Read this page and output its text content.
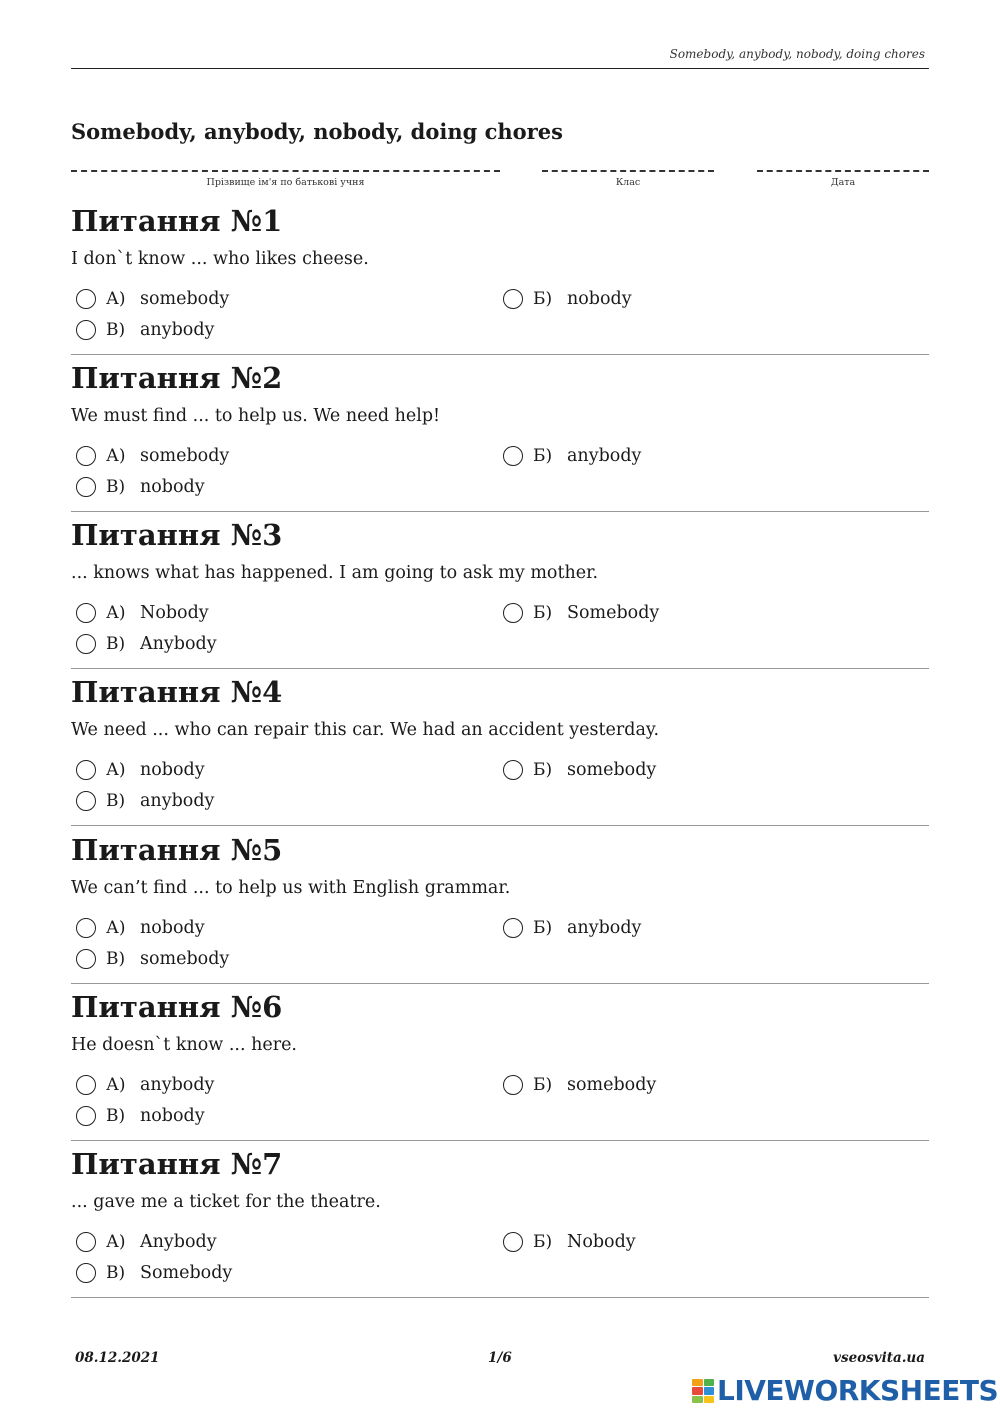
Somebody, anybody, nobody, doing chores
Somebody, anybody, nobody, doing chores
Прізвище ім'я по батькові учня	Клас	Дата
Питання №1
I don`t know ... who likes cheese.
А) somebody	Б) nobody
В) anybody
Питання №2
We must find ... to help us. We need help!
А) somebody	Б) anybody
В) nobody
Питання №3
... knows what has happened. I am going to ask my mother.
А) Nobody	Б) Somebody
В) Anybody
Питання №4
We need ... who can repair this car. We had an accident yesterday.
А) nobody	Б) somebody
В) anybody
Питання №5
We can’t find ... to help us with English grammar.
А) nobody	Б) anybody
В) somebody
Питання №6
He doesn`t know ... here.
А) anybody	Б) somebody
В) nobody
Питання №7
... gave me a ticket for the theatre.
А) Anybody	Б) Nobody
В) Somebody
08.12.2021	1/6	vseosvita.ua
LIVEWORKSHEETS
